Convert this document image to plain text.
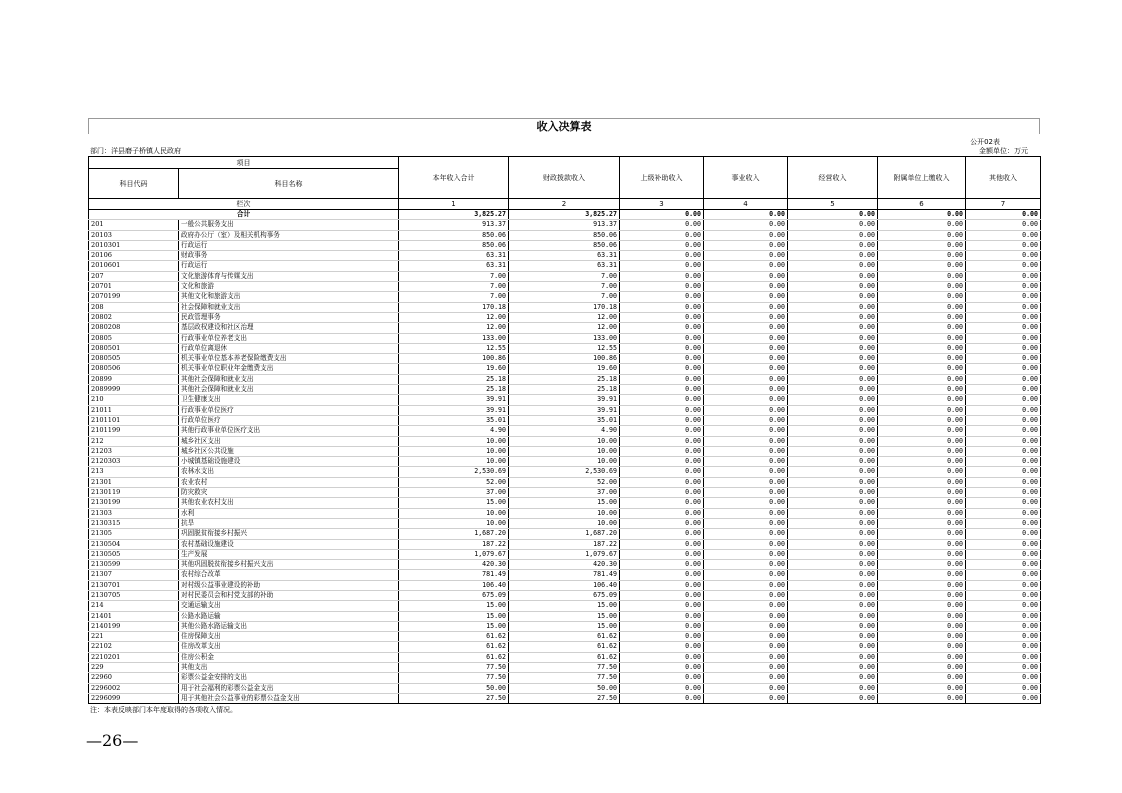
收入决算表
部门：洋县磨子桥镇人民政府
公开02表
金额单位：万元
项目		本年收入合计	财政拨款收入	上级补助收入	事业收入	经营收入	附属单位上缴收入	其他收入
科目代码	科目名称							
栏次		1	2	3	4	5	6	7
合计		3,825.27	3,825.27	0.00	0.00	0.00	0.00	0.00
201	一般公共服务支出	913.37	913.37	0.00	0.00	0.00	0.00	0.00
20103	政府办公厅（室）及相关机构事务	850.06	850.06	0.00	0.00	0.00	0.00	0.00
2010301	行政运行	850.06	850.06	0.00	0.00	0.00	0.00	0.00
20106	财政事务	63.31	63.31	0.00	0.00	0.00	0.00	0.00
2010601	行政运行	63.31	63.31	0.00	0.00	0.00	0.00	0.00
207	文化旅游体育与传媒支出	7.00	7.00	0.00	0.00	0.00	0.00	0.00
20701	文化和旅游	7.00	7.00	0.00	0.00	0.00	0.00	0.00
2070199	其他文化和旅游支出	7.00	7.00	0.00	0.00	0.00	0.00	0.00
208	社会保障和就业支出	170.18	170.18	0.00	0.00	0.00	0.00	0.00
20802	民政管理事务	12.00	12.00	0.00	0.00	0.00	0.00	0.00
2080208	基层政权建设和社区治理	12.00	12.00	0.00	0.00	0.00	0.00	0.00
20805	行政事业单位养老支出	133.00	133.00	0.00	0.00	0.00	0.00	0.00
2080501	行政单位离退休	12.55	12.55	0.00	0.00	0.00	0.00	0.00
2080505	机关事业单位基本养老保险缴费支出	100.86	100.86	0.00	0.00	0.00	0.00	0.00
2080506	机关事业单位职业年金缴费支出	19.60	19.60	0.00	0.00	0.00	0.00	0.00
20899	其他社会保障和就业支出	25.18	25.18	0.00	0.00	0.00	0.00	0.00
2089999	其他社会保障和就业支出	25.18	25.18	0.00	0.00	0.00	0.00	0.00
210	卫生健康支出	39.91	39.91	0.00	0.00	0.00	0.00	0.00
21011	行政事业单位医疗	39.91	39.91	0.00	0.00	0.00	0.00	0.00
2101101	行政单位医疗	35.01	35.01	0.00	0.00	0.00	0.00	0.00
2101199	其他行政事业单位医疗支出	4.90	4.90	0.00	0.00	0.00	0.00	0.00
212	城乡社区支出	10.00	10.00	0.00	0.00	0.00	0.00	0.00
21203	城乡社区公共设施	10.00	10.00	0.00	0.00	0.00	0.00	0.00
2120303	小城镇基础设施建设	10.00	10.00	0.00	0.00	0.00	0.00	0.00
213	农林水支出	2,530.69	2,530.69	0.00	0.00	0.00	0.00	0.00
21301	农业农村	52.00	52.00	0.00	0.00	0.00	0.00	0.00
2130119	防灾救灾	37.00	37.00	0.00	0.00	0.00	0.00	0.00
2130199	其他农业农村支出	15.00	15.00	0.00	0.00	0.00	0.00	0.00
21303	水利	10.00	10.00	0.00	0.00	0.00	0.00	0.00
2130315	抗旱	10.00	10.00	0.00	0.00	0.00	0.00	0.00
21305	巩固脱贫衔接乡村振兴	1,687.20	1,687.20	0.00	0.00	0.00	0.00	0.00
2130504	农村基础设施建设	187.22	187.22	0.00	0.00	0.00	0.00	0.00
2130505	生产发展	1,079.67	1,079.67	0.00	0.00	0.00	0.00	0.00
2130599	其他巩固脱贫衔接乡村振兴支出	420.30	420.30	0.00	0.00	0.00	0.00	0.00
21307	农村综合改革	781.49	781.49	0.00	0.00	0.00	0.00	0.00
2130701	对村级公益事业建设的补助	106.40	106.40	0.00	0.00	0.00	0.00	0.00
2130705	对村民委员会和村党支部的补助	675.09	675.09	0.00	0.00	0.00	0.00	0.00
214	交通运输支出	15.00	15.00	0.00	0.00	0.00	0.00	0.00
21401	公路水路运输	15.00	15.00	0.00	0.00	0.00	0.00	0.00
2140199	其他公路水路运输支出	15.00	15.00	0.00	0.00	0.00	0.00	0.00
221	住房保障支出	61.62	61.62	0.00	0.00	0.00	0.00	0.00
22102	住房改革支出	61.62	61.62	0.00	0.00	0.00	0.00	0.00
2210201	住房公积金	61.62	61.62	0.00	0.00	0.00	0.00	0.00
229	其他支出	77.50	77.50	0.00	0.00	0.00	0.00	0.00
22960	彩票公益金安排的支出	77.50	77.50	0.00	0.00	0.00	0.00	0.00
2296002	用于社会福利的彩票公益金支出	50.00	50.00	0.00	0.00	0.00	0.00	0.00
2296099	用于其他社会公益事业的彩票公益金支出	27.50	27.50	0.00	0.00	0.00	0.00	0.00
注：本表反映部门本年度取得的各项收入情况。
—26—
